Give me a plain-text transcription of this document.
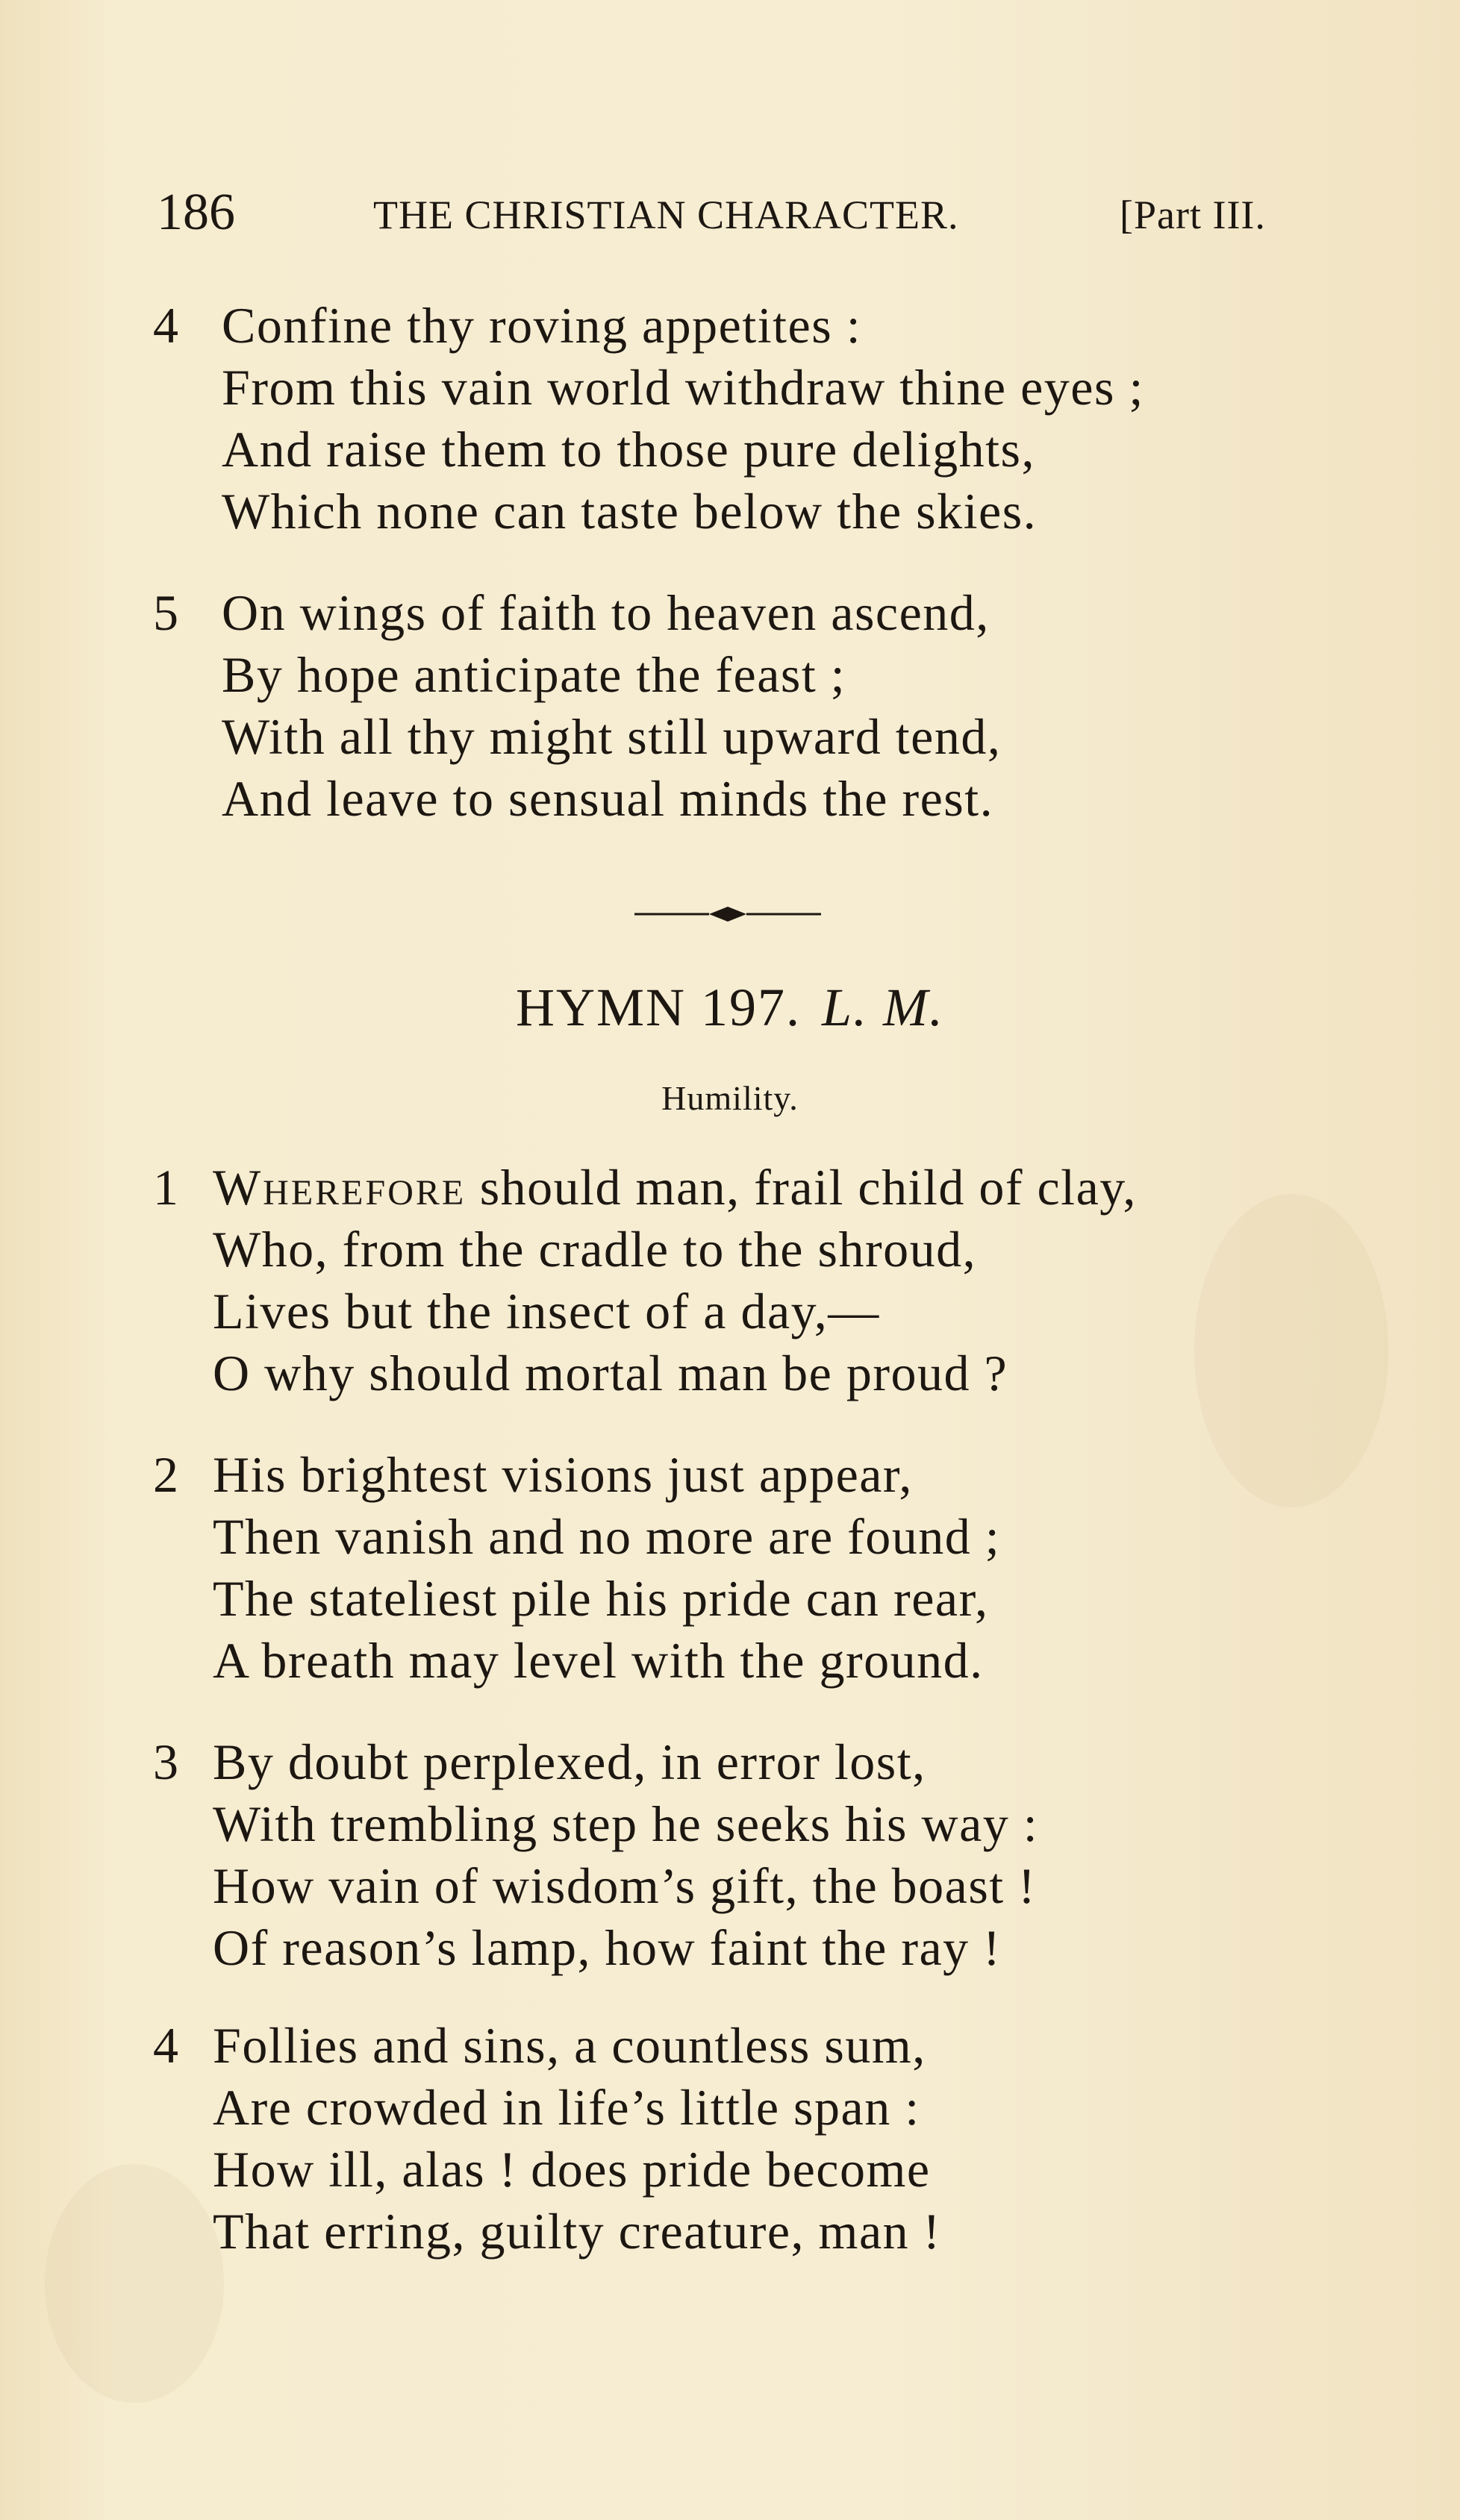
186	THE CHRISTIAN CHARACTER.	[Part III.
4 Confine thy roving appetites :
From this vain world withdraw thine eyes ;
And raise them to those pure delights,
Which none can taste below the skies.
5 On wings of faith to heaven ascend,
By hope anticipate the feast ;
With all thy might still upward tend,
And leave to sensual minds the rest.
HYMN 197. L. M.
Humility.
1 Wherefore should man, frail child of clay,
Who, from the cradle to the shroud,
Lives but the insect of a day,—
O why should mortal man be proud ?
2 His brightest visions just appear,
Then vanish and no more are found ;
The stateliest pile his pride can rear,
A breath may level with the ground.
3 By doubt perplexed, in error lost,
With trembling step he seeks his way :
How vain of wisdom’s gift, the boast !
Of reason’s lamp, how faint the ray !
4 Follies and sins, a countless sum,
Are crowded in life’s little span :
How ill, alas ! does pride become
That erring, guilty creature, man !
